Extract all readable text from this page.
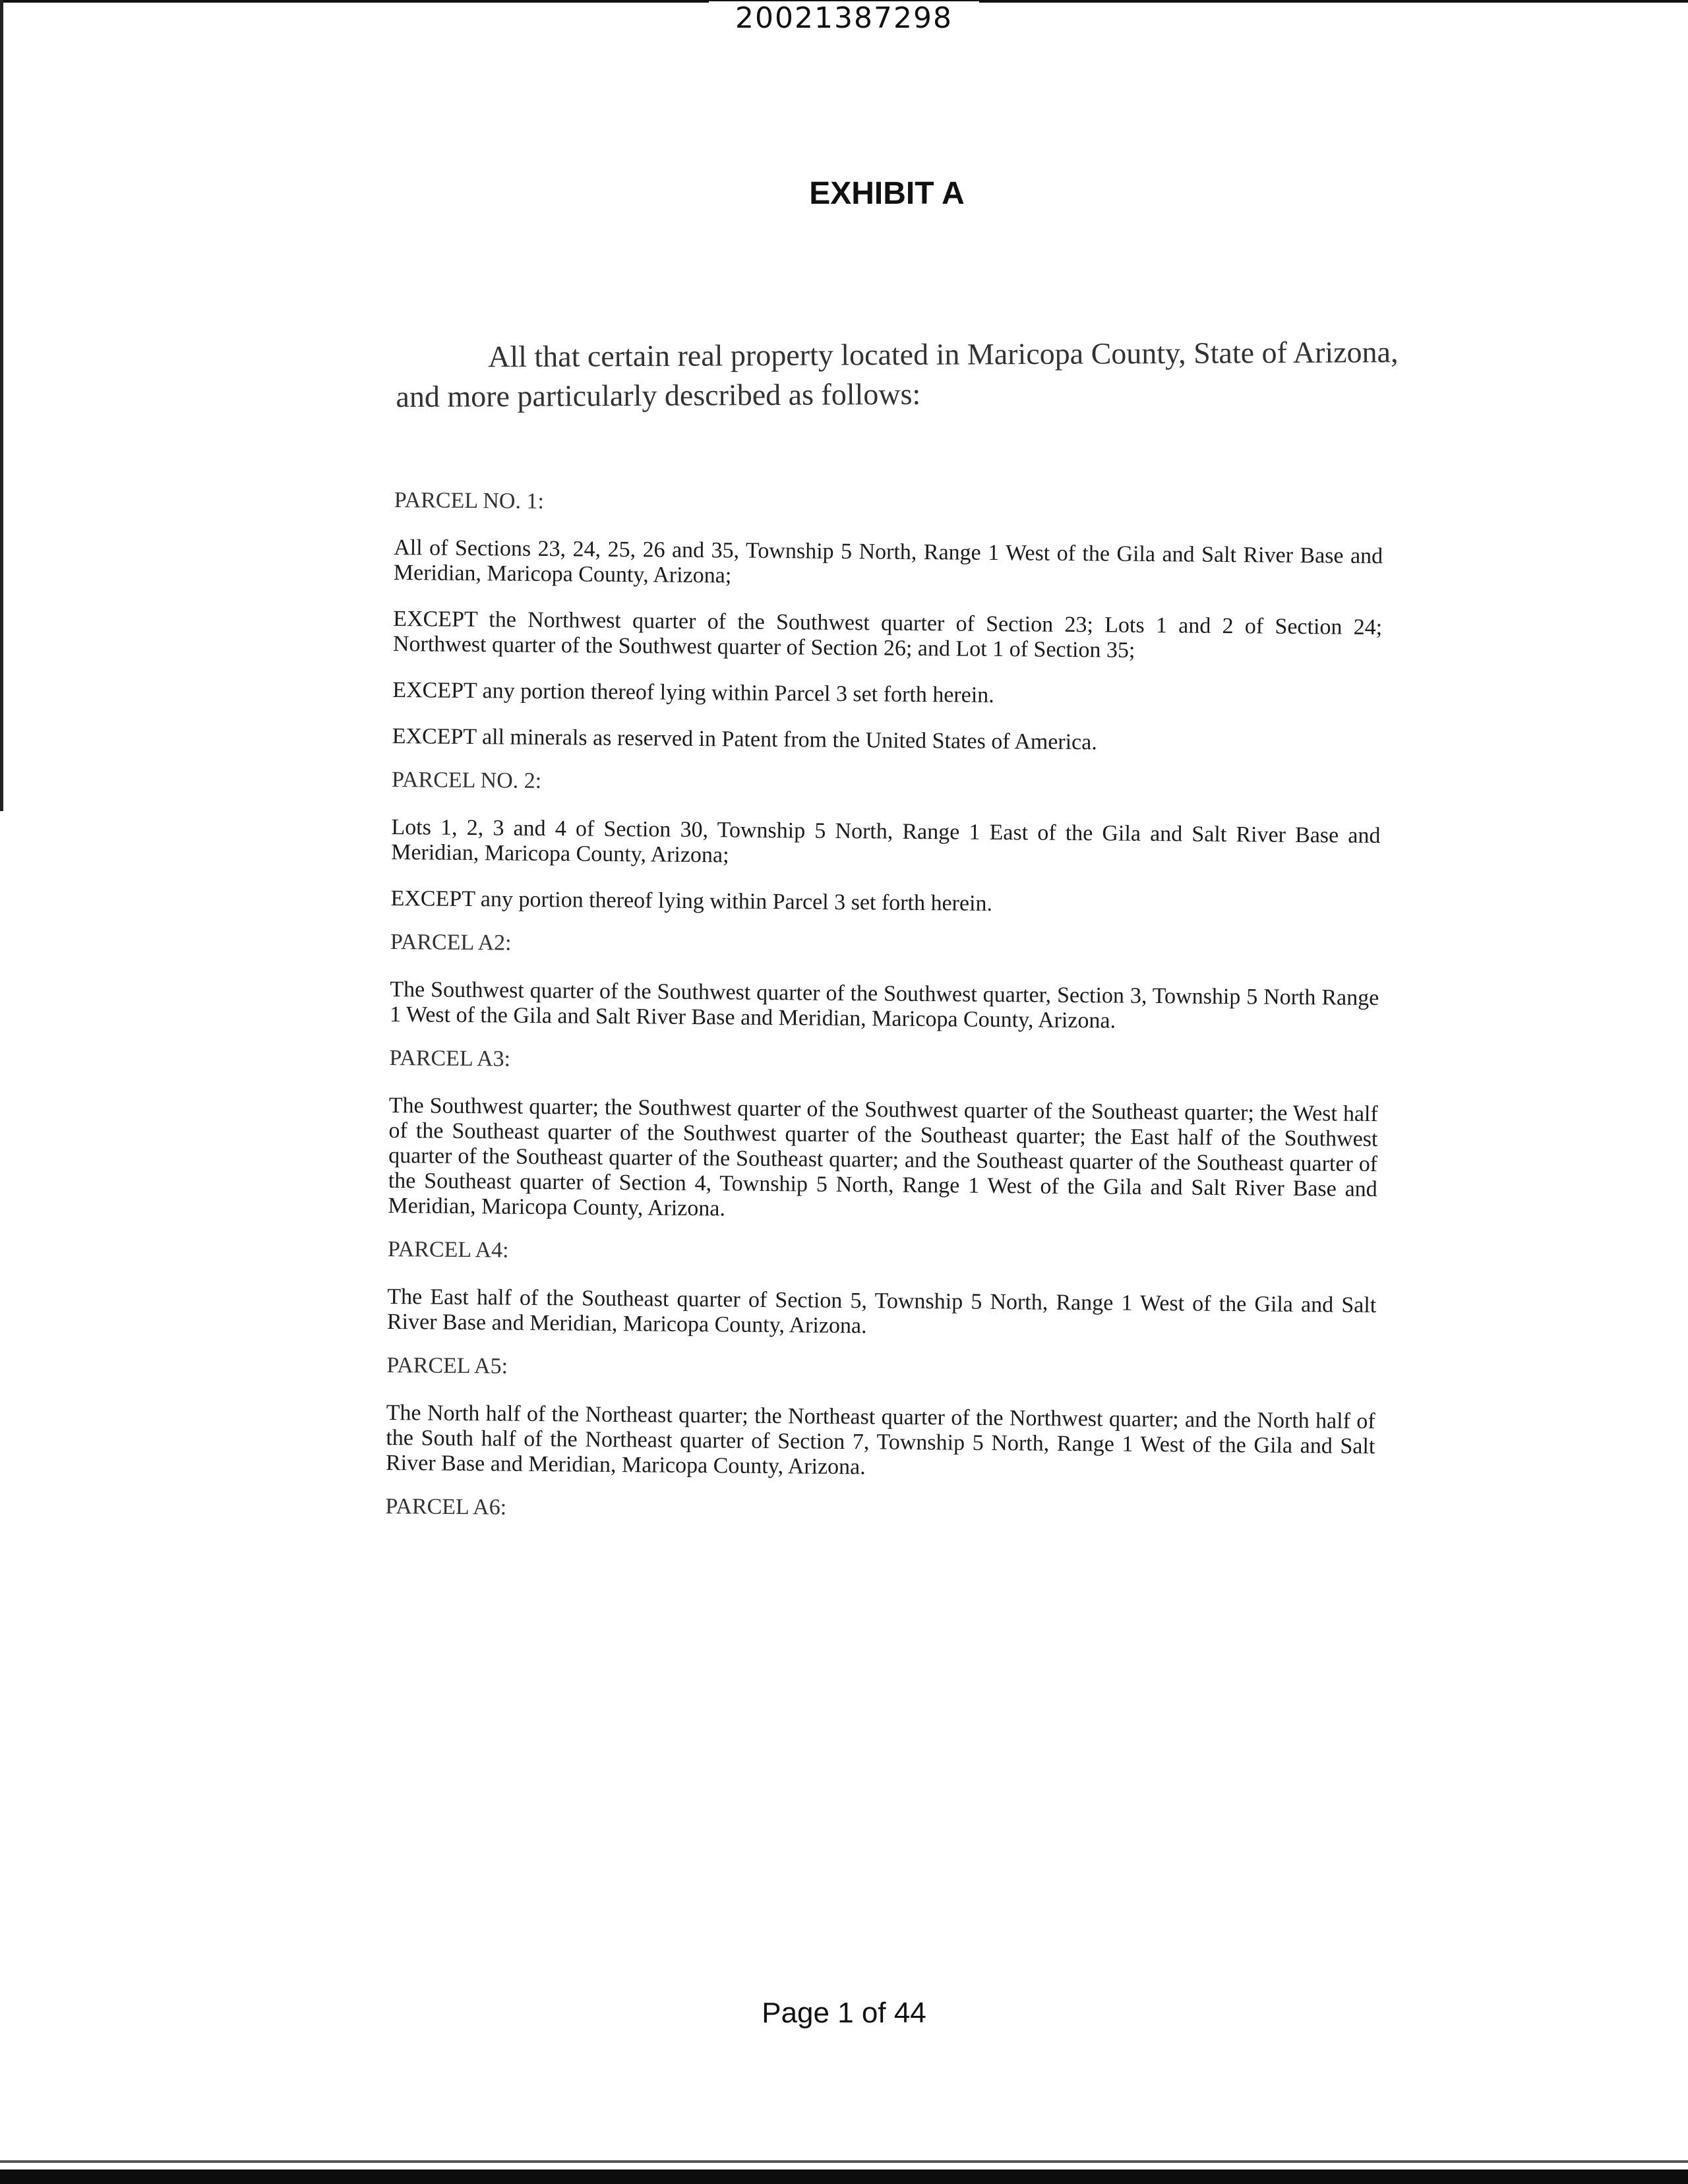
20021387298
EXHIBIT A

All that certain real property located in Maricopa County, State of Arizona,

and more particularly described as follows:

PARCEL NO. 1:

All of Sections 23, 24, 25, 26 and 35, Township 5 North, Range 1 West of the Gila and Salt River Base and Meridian, Maricopa County, Arizona;

EXCEPT the Northwest quarter of the Southwest quarter of Section 23; Lots 1 and 2 of Section 24; Northwest quarter of the Southwest quarter of Section 26; and Lot 1 of Section 35;

EXCEPT any portion thereof lying within Parcel 3 set forth herein.

EXCEPT all minerals as reserved in Patent from the United States of America.

PARCEL NO. 2:

Lots 1, 2, 3 and 4 of Section 30, Township 5 North, Range 1 East of the Gila and Salt River Base and Meridian, Maricopa County, Arizona;

EXCEPT any portion thereof lying within Parcel 3 set forth herein.

PARCEL A2:

The Southwest quarter of the Southwest quarter of the Southwest quarter, Section 3, Township 5 North Range 1 West of the Gila and Salt River Base and Meridian, Maricopa County, Arizona.

PARCEL A3:

The Southwest quarter; the Southwest quarter of the Southwest quarter of the Southeast quarter; the West half of the Southeast quarter of the Southwest quarter of the Southeast quarter; the East half of the Southwest quarter of the Southeast quarter of the Southeast quarter; and the Southeast quarter of the Southeast quarter of the Southeast quarter of Section 4, Township 5 North, Range 1 West of the Gila and Salt River Base and Meridian, Maricopa County, Arizona.

PARCEL A4:

The East half of the Southeast quarter of Section 5, Township 5 North, Range 1 West of the Gila and Salt River Base and Meridian, Maricopa County, Arizona.

PARCEL A5:

The North half of the Northeast quarter; the Northeast quarter of the Northwest quarter; and the North half of the South half of the Northeast quarter of Section 7, Township 5 North, Range 1 West of the Gila and Salt River Base and Meridian, Maricopa County, Arizona.

PARCEL A6:

Page 1 of 44
